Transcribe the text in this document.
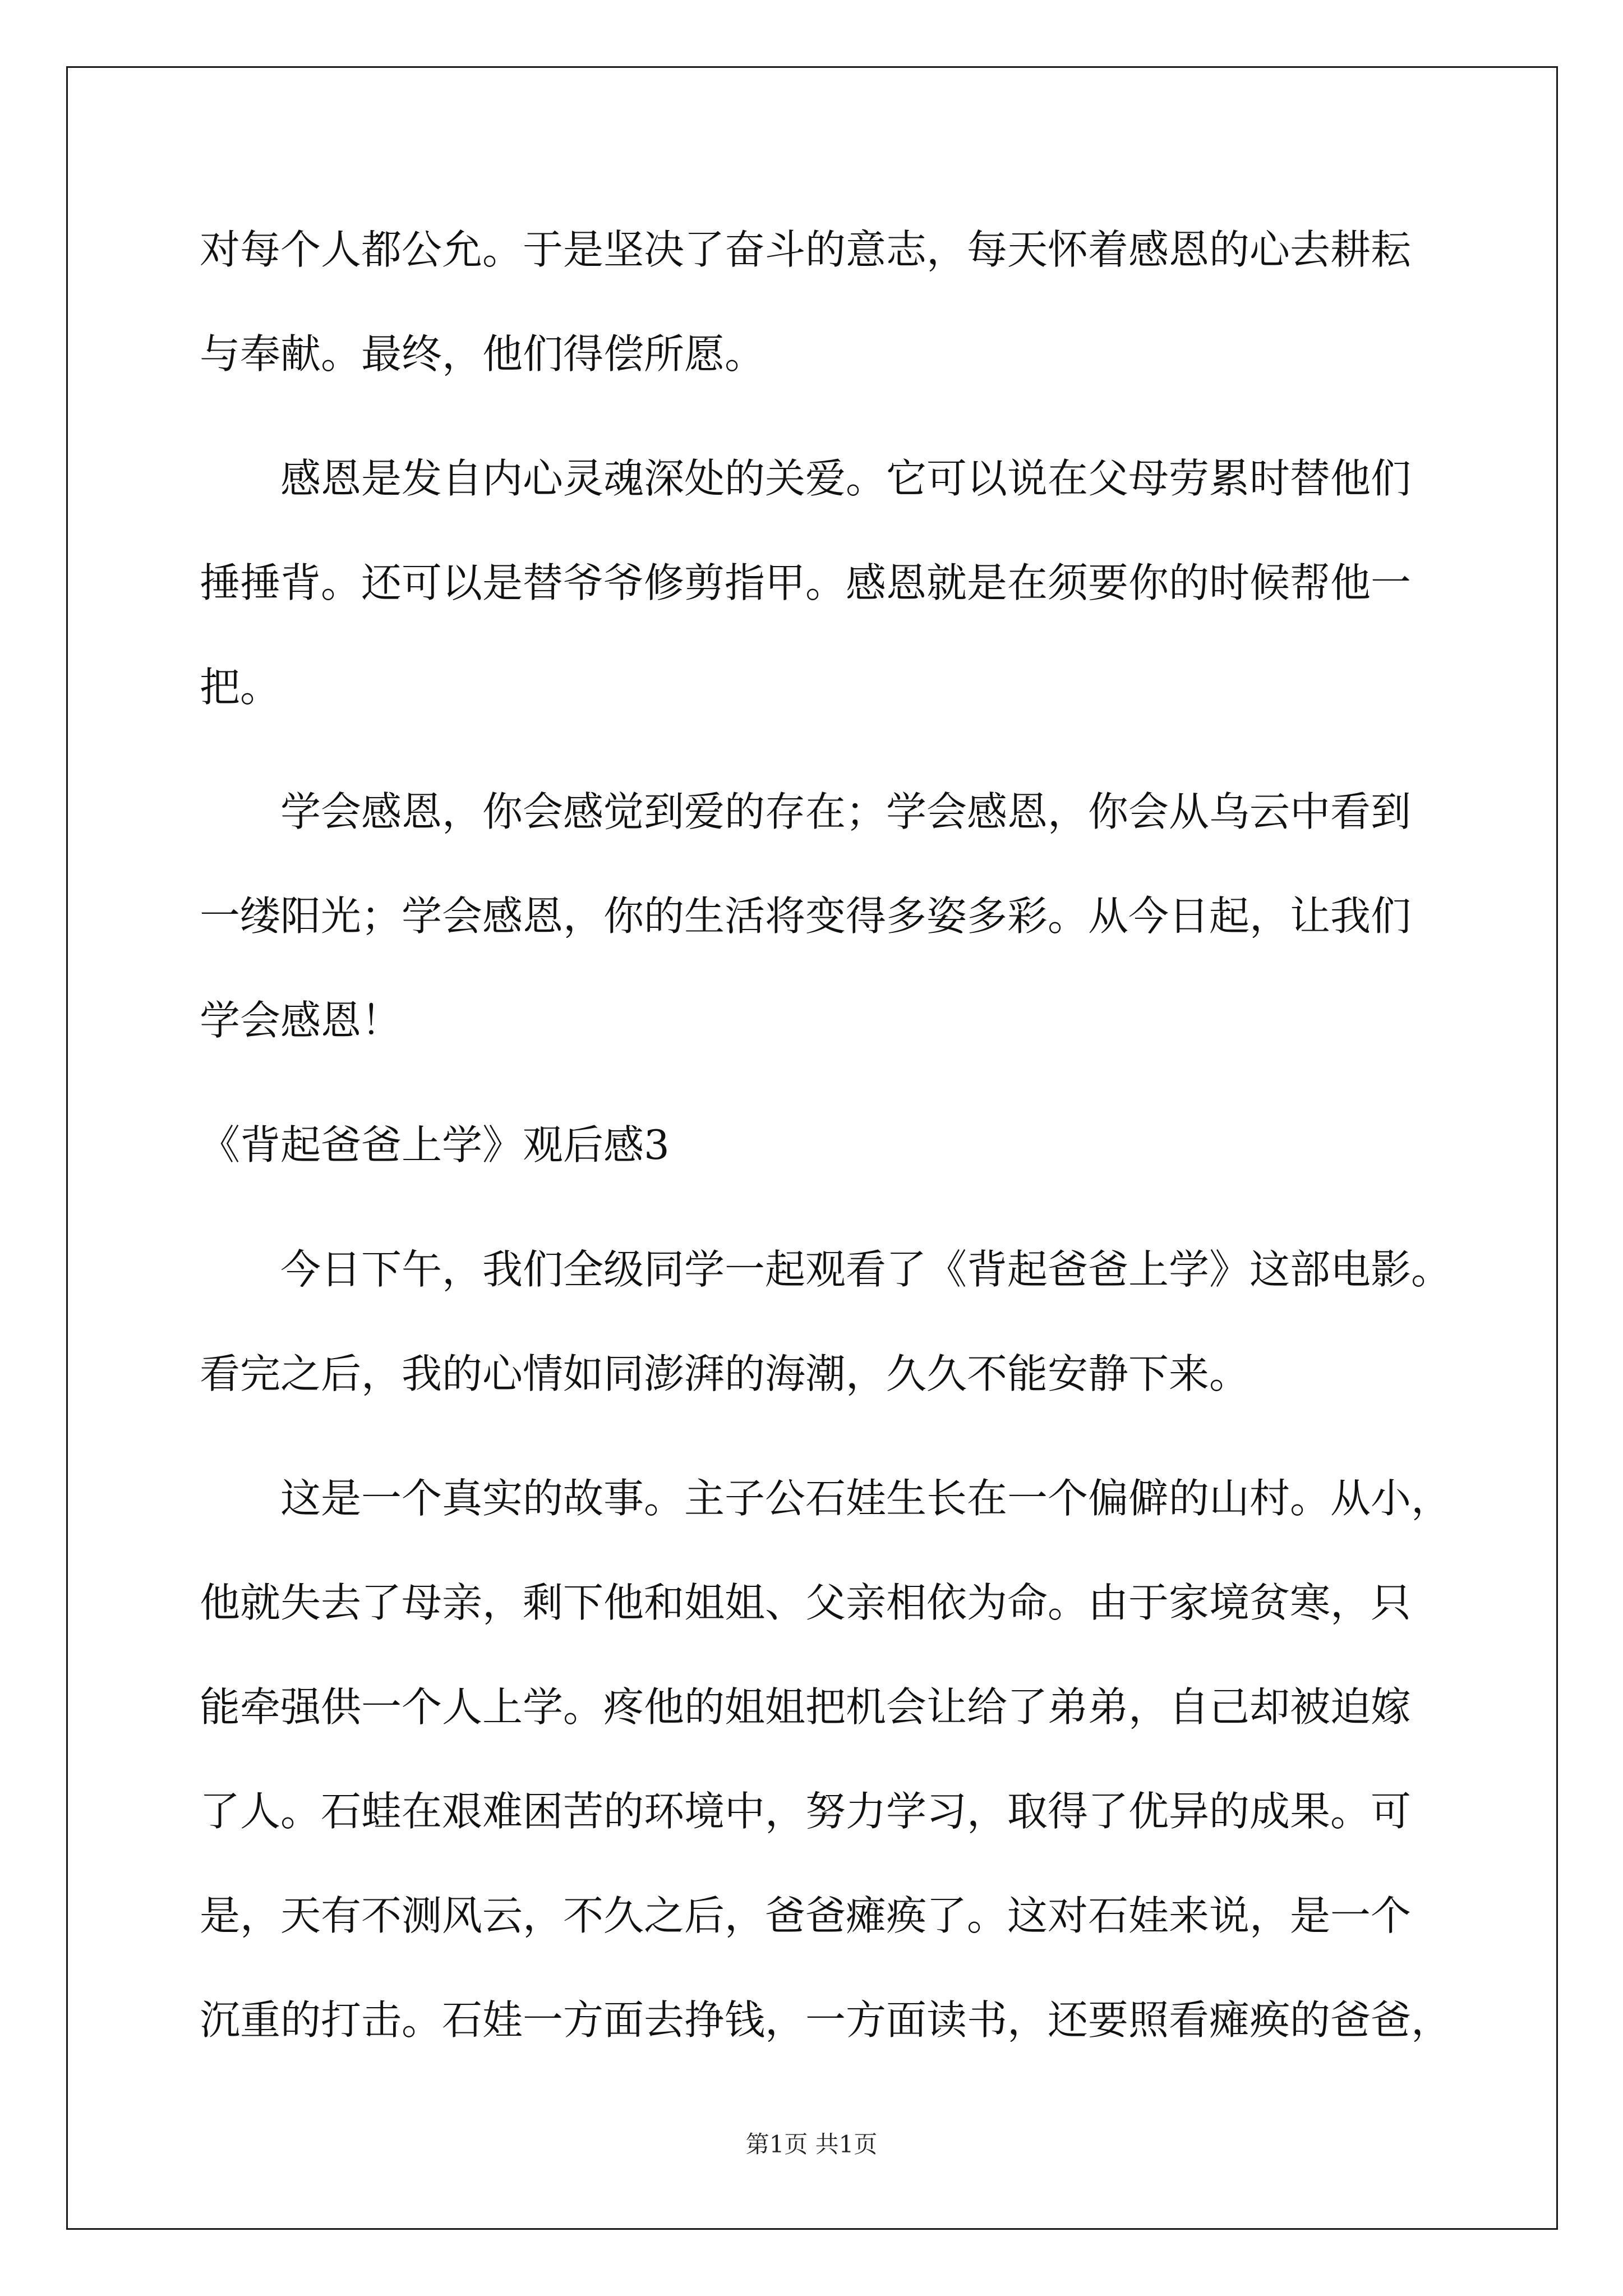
对每个人都公允。于是坚决了奋斗的意志，每天怀着感恩的心去耕耘
与奉献。最终，他们得偿所愿。
感恩是发自内心灵魂深处的关爱。它可以说在父母劳累时替他们
捶捶背。还可以是替爷爷修剪指甲。感恩就是在须要你的时候帮他一
把。
学会感恩，你会感觉到爱的存在；学会感恩，你会从乌云中看到
一缕阳光；学会感恩，你的生活将变得多姿多彩。从今日起，让我们
学会感恩！
《背起爸爸上学》观后感3
今日下午，我们全级同学一起观看了《背起爸爸上学》这部电影。
看完之后，我的心情如同澎湃的海潮，久久不能安静下来。
这是一个真实的故事。主子公石娃生长在一个偏僻的山村。从小，
他就失去了母亲，剩下他和姐姐、父亲相依为命。由于家境贫寒，只
能牵强供一个人上学。疼他的姐姐把机会让给了弟弟，自己却被迫嫁
了人。石蛙在艰难困苦的环境中，努力学习，取得了优异的成果。可
是，天有不测风云，不久之后，爸爸瘫痪了。这对石娃来说，是一个
沉重的打击。石娃一方面去挣钱，一方面读书，还要照看瘫痪的爸爸，
第1页 共1页
